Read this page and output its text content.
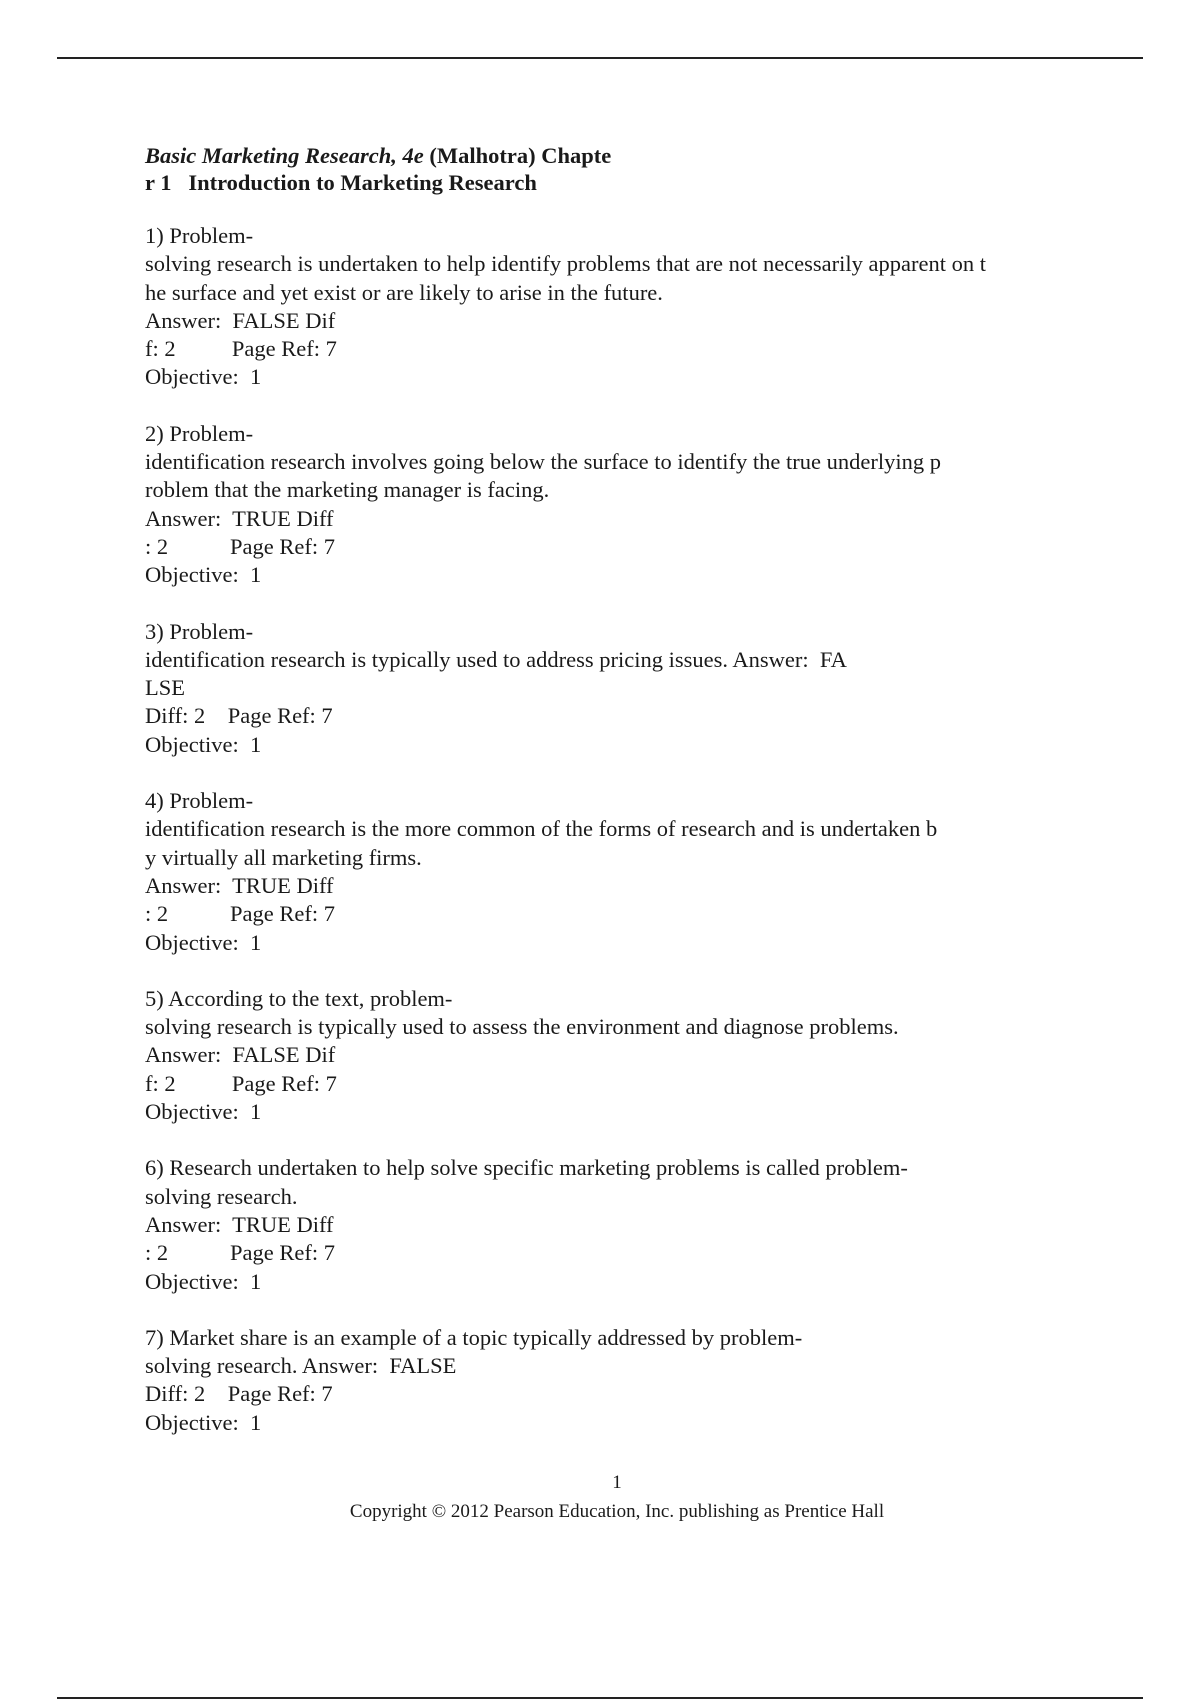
Basic Marketing Research, 4e (Malhotra) Chapte
r 1   Introduction to Marketing Research
1) Problem-
solving research is undertaken to help identify problems that are not necessarily apparent on t
he surface and yet exist or are likely to arise in the future.
Answer:  FALSE Dif
f: 2          Page Ref: 7
Objective:  1
2) Problem-
identification research involves going below the surface to identify the true underlying p
roblem that the marketing manager is facing.
Answer:  TRUE Diff
: 2           Page Ref: 7
Objective:  1
3) Problem-
identification research is typically used to address pricing issues. Answer:  FA
LSE
Diff: 2    Page Ref: 7
Objective:  1
4) Problem-
identification research is the more common of the forms of research and is undertaken b
y virtually all marketing firms.
Answer:  TRUE Diff
: 2           Page Ref: 7
Objective:  1
5) According to the text, problem-
solving research is typically used to assess the environment and diagnose problems.
Answer:  FALSE Dif
f: 2          Page Ref: 7
Objective:  1
6) Research undertaken to help solve specific marketing problems is called problem-
solving research.
Answer:  TRUE Diff
: 2           Page Ref: 7
Objective:  1
7) Market share is an example of a topic typically addressed by problem-
solving research. Answer:  FALSE
Diff: 2    Page Ref: 7
Objective:  1
1
Copyright © 2012 Pearson Education, Inc. publishing as Prentice Hall
